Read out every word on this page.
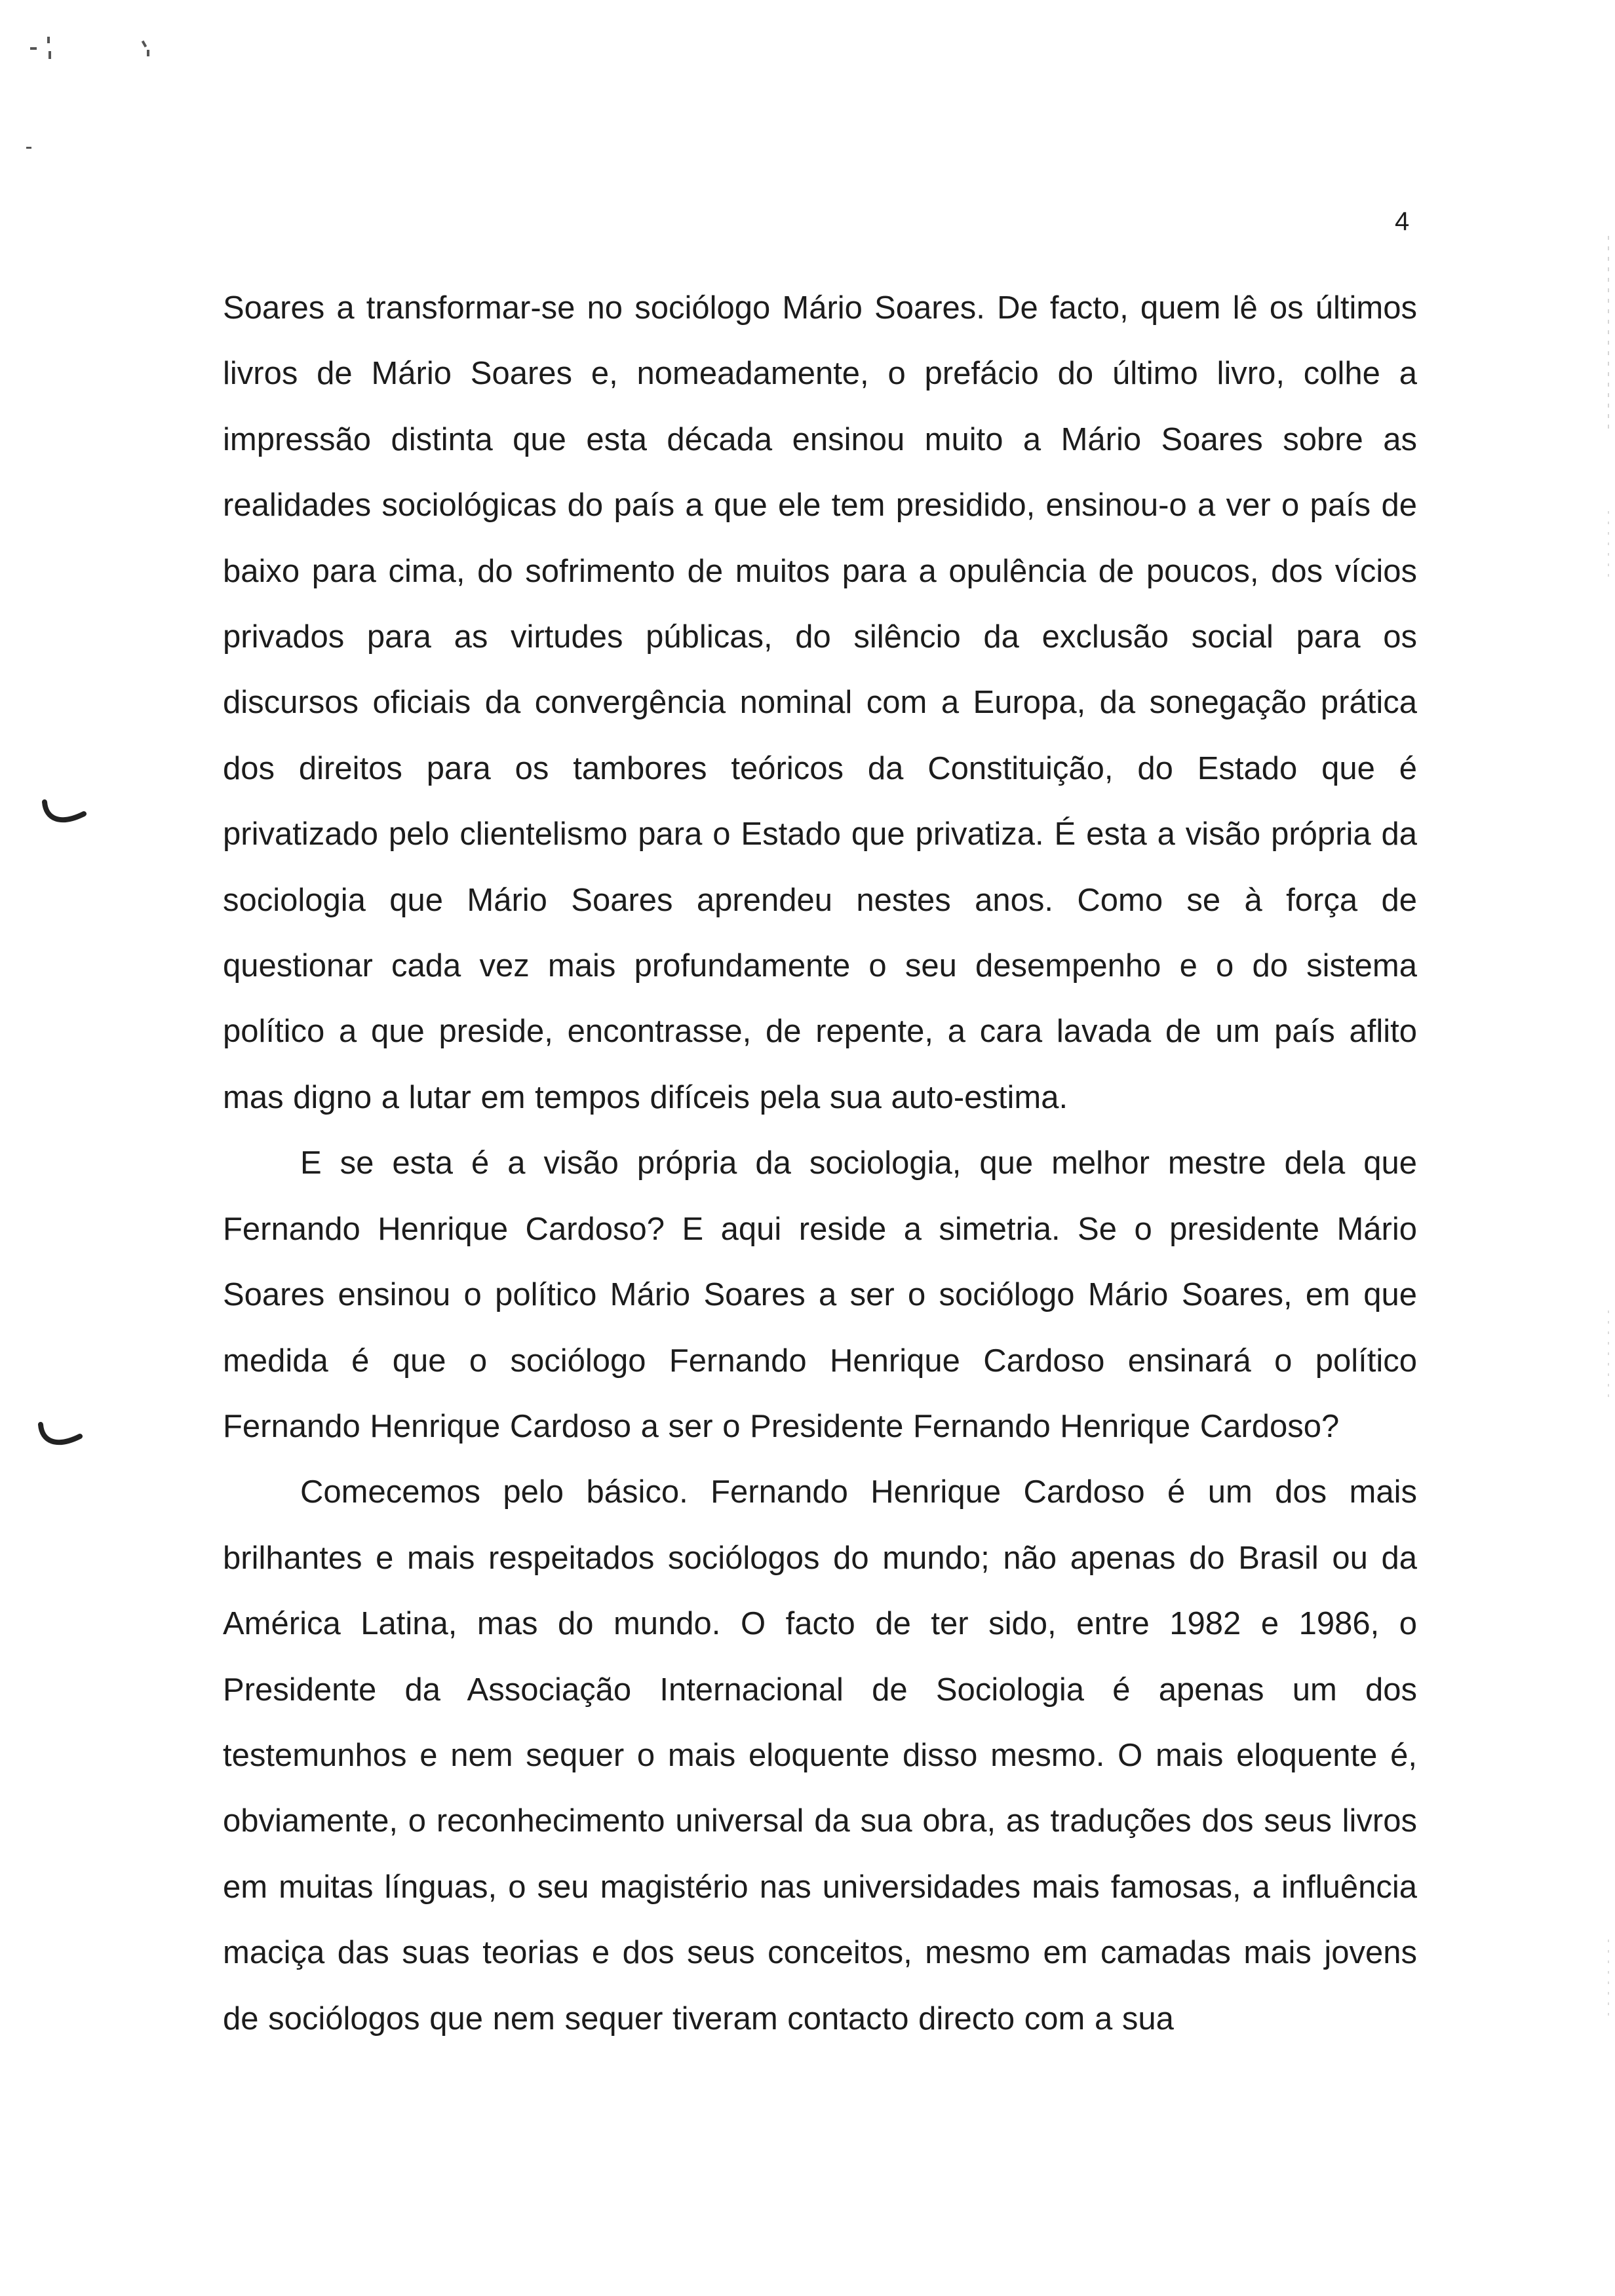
4

Soares a transformar-se no sociólogo Mário Soares. De facto, quem lê os últimos livros de Mário Soares e, nomeadamente, o prefácio do último livro, colhe a impressão distinta que esta década ensinou muito a Mário Soares sobre as realidades sociológicas do país a que ele tem presidido, ensinou-o a ver o país de baixo para cima, do sofrimento de muitos para a opulência de poucos, dos vícios privados para as virtudes públicas, do silêncio da exclusão social para os discursos oficiais da convergência nominal com a Europa, da sonegação prática dos direitos para os tambores teóricos da Constituição, do Estado que é privatizado pelo clientelismo para o Estado que privatiza. É esta a visão própria da sociologia que Mário Soares aprendeu nestes anos. Como se à força de questionar cada vez mais profundamente o seu desempenho e o do sistema político a que preside, encontrasse, de repente, a cara lavada de um país aflito mas digno a lutar em tempos difíceis pela sua auto-estima.

E se esta é a visão própria da sociologia, que melhor mestre dela que Fernando Henrique Cardoso? E aqui reside a simetria. Se o presidente Mário Soares ensinou o político Mário Soares a ser o sociólogo Mário Soares, em que medida é que o sociólogo Fernando Henrique Cardoso ensinará o político Fernando Henrique Cardoso a ser o Presidente Fernando Henrique Cardoso?

Comecemos pelo básico. Fernando Henrique Cardoso é um dos mais brilhantes e mais respeitados sociólogos do mundo; não apenas do Brasil ou da América Latina, mas do mundo. O facto de ter sido, entre 1982 e 1986, o Presidente da Associação Internacional de Sociologia é apenas um dos testemunhos e nem sequer o mais eloquente disso mesmo. O mais eloquente é, obviamente, o reconhecimento universal da sua obra, as traduções dos seus livros em muitas línguas, o seu magistério nas universidades mais famosas, a influência maciça das suas teorias e dos seus conceitos, mesmo em camadas mais jovens de sociólogos que nem sequer tiveram contacto directo com a sua
